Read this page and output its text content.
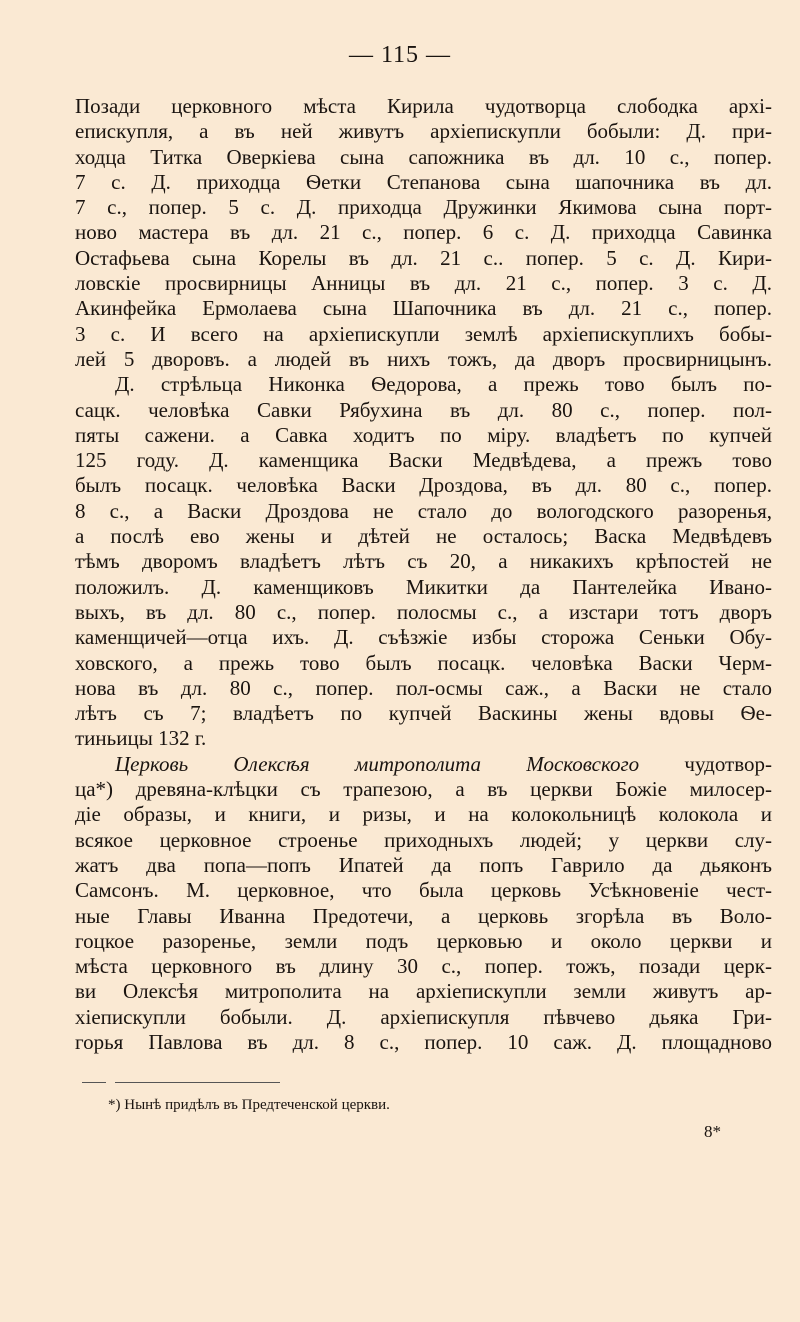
— 115 —
Позади церковного мѣста Кирила чудотворца слободка архі-
епискупля, а въ ней живутъ архіепискупли бобыли: Д. при-
ходца Титка Оверкіева сына сапожника въ дл. 10 с., попер.
7 с. Д. приходца Ѳетки Степанова сына шапочника въ дл.
7 с., попер. 5 с. Д. приходца Дружинки Якимова сына порт-
ново мастера въ дл. 21 с., попер. 6 с. Д. приходца Савинка
Остафьева сына Корелы въ дл. 21 с.. попер. 5 с. Д. Кири-
ловскіе просвирницы Анницы въ дл. 21 с., попер. 3 с. Д.
Акинфейка Ермолаева сына Шапочника въ дл. 21 с., попер.
3 с. И всего на архіепискупли землѣ архіепискуплихъ бобы-
лей 5 дворовъ. а людей въ нихъ тожъ, да дворъ просвирницынъ.
Д. стрѣльца Никонка Ѳедорова, а прежь тово былъ по-
сацк. человѣка Савки Рябухина въ дл. 80 с., попер. пол-
пяты сажени. а Савка ходитъ по міру. владѣетъ по купчей
125 году. Д. каменщика Васки Медвѣдева, а прежъ тово
былъ посацк. человѣка Васки Дроздова, въ дл. 80 с., попер.
8 с., а Васки Дроздова не стало до вологодского разоренья,
а послѣ ево жены и дѣтей не осталось; Васка Медвѣдевъ
тѣмъ дворомъ владѣетъ лѣтъ съ 20, а никакихъ крѣпостей не
положилъ. Д. каменщиковъ Микитки да Пантелейка Ивано-
выхъ, въ дл. 80 с., попер. полосмы с., а изстари тотъ дворъ
каменщичей—отца ихъ. Д. съѣзжіе избы сторожа Сеньки Обу-
ховского, а прежь тово былъ посацк. человѣка Васки Черм-
нова въ дл. 80 с., попер. пол-осмы саж., а Васки не стало
лѣтъ съ 7; владѣетъ по купчей Васкины жены вдовы Ѳе-
тиньицы 132 г.
Церковь Олексѣя митрополита Московского чудотвор-
ца*) древяна-клѣцки съ трапезою, а въ церкви Божіе милосер-
діе образы, и книги, и ризы, и на колокольницѣ колокола и
всякое церковное строенье приходныхъ людей; у церкви слу-
жатъ два попа—попъ Ипатей да попъ Гаврило да дьяконъ
Самсонъ. М. церковное, что была церковь Усѣкновеніе чест-
ные Главы Иванна Предотечи, а церковь згорѣла въ Воло-
гоцкое разоренье, земли подъ церковью и около церкви и
мѣста церковного въ длину 30 с., попер. тожъ, позади церк-
ви Олексѣя митрополита на архіепискупли земли живутъ ар-
хіепискупли бобыли. Д. архіепискупля пѣвчево дьяка Гри-
горья Павлова въ дл. 8 с., попер. 10 саж. Д. площадново
*) Нынѣ придѣлъ въ Предтеченской церкви.
8*
